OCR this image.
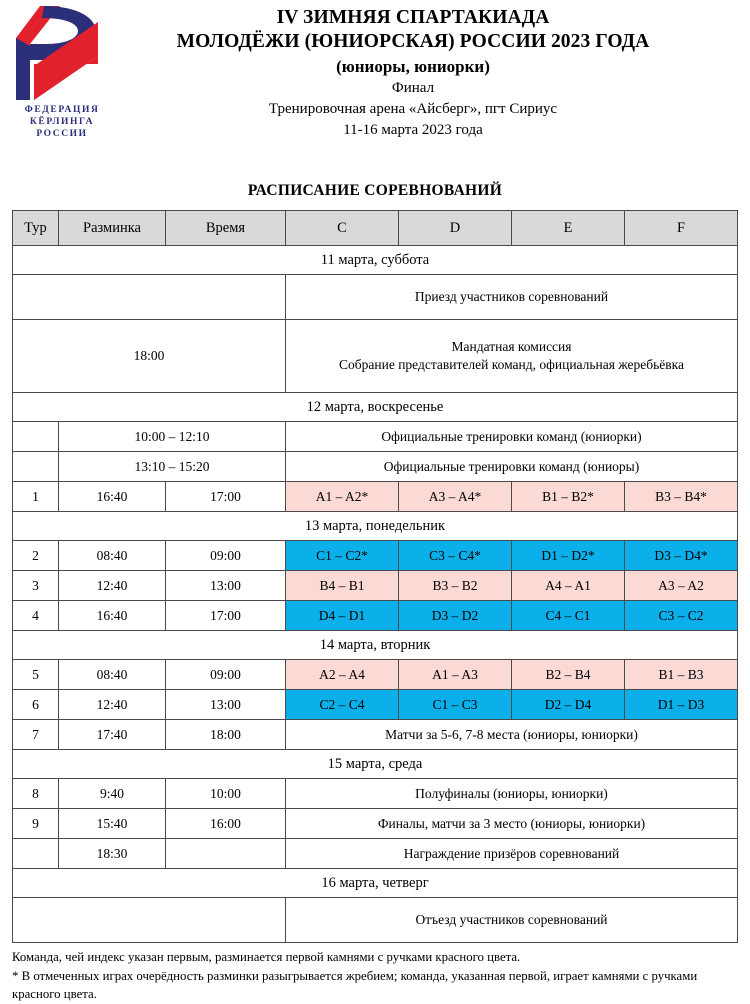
ФЕДЕРАЦИЯ
КЁРЛИНГА
РОССИИ
IV ЗИМНЯЯ СПАРТАКИАДА
МОЛОДЁЖИ (ЮНИОРСКАЯ) РОССИИ 2023 ГОДА
(юниоры, юниорки)
Финал
Тренировочная арена «Айсберг», пгт Сириус
11-16 марта 2023 года
РАСПИСАНИЕ СОРЕВНОВАНИЙ
Тур	Разминка	Время	C	D	E	F
11 марта, суббота						
			Приезд участников соревнований			
18:00			Мандатная комиссия
Собрание представителей команд, официальная жеребьёвка			
12 марта, воскресенье						
	10:00 – 12:10		Официальные тренировки команд (юниорки)			
	13:10 – 15:20		Официальные тренировки команд (юниоры)			
1	16:40	17:00	A1 – A2*	A3 – A4*	B1 – B2*	B3 – B4*
13 марта, понедельник						
2	08:40	09:00	C1 – C2*	C3 – C4*	D1 – D2*	D3 – D4*
3	12:40	13:00	B4 – B1	B3 – B2	A4 – A1	A3 – A2
4	16:40	17:00	D4 – D1	D3 – D2	C4 – C1	C3 – C2
14 марта, вторник						
5	08:40	09:00	A2 – A4	A1 – A3	B2 – B4	B1 – B3
6	12:40	13:00	C2 – C4	C1 – C3	D2 – D4	D1 – D3
7	17:40	18:00	Матчи за 5-6, 7-8 места (юниоры, юниорки)			
15 марта, среда						
8	9:40	10:00	Полуфиналы (юниоры, юниорки)			
9	15:40	16:00	Финалы, матчи за 3 место (юниоры, юниорки)			
	18:30		Награждение призёров соревнований			
16 марта, четверг						
			Отъезд участников соревнований			

Команда, чей индекс указан первым, разминается первой камнями с ручками красного цвета.

* В отмеченных играх очерёдность разминки разыгрывается жребием; команда, указанная первой, играет камнями с ручками красного цвета.
